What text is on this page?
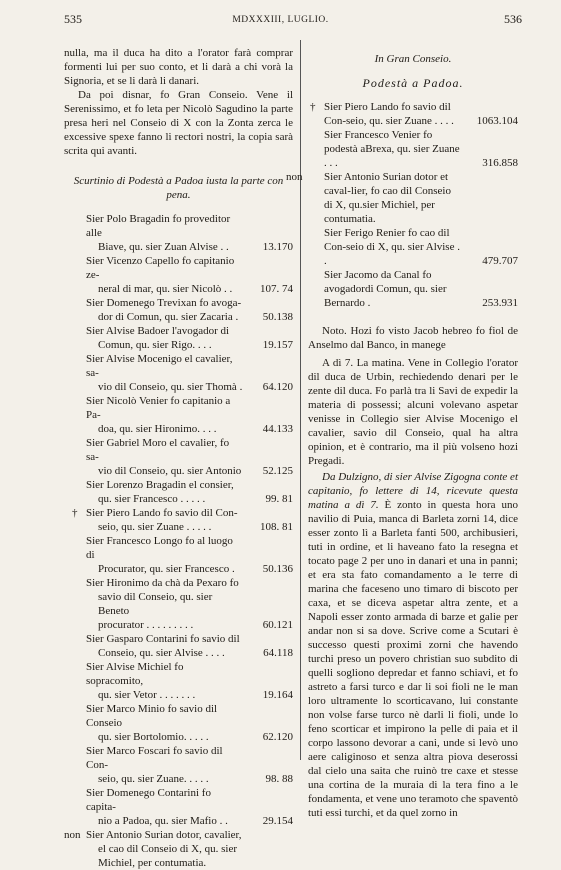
535	MDXXXIII, LUGLIO.	536

nulla, ma il duca ha dito a l'orator farà comprar formenti lui per suo conto, et li darà a chi vorà la Signoria, et se li darà li danari.

Da poi disnar, fo Gran Conseio. Vene il Serenissimo, et fo leta per Nicolò Sagudino la parte presa heri nel Conseio di X con la Zonta zerca le excessive spexe fanno li rectori nostri, la copia sarà scrita qui avanti.

Scurtinio di Podestà a Padoa iusta la parte con pena.

Sier Polo Bragadin fo proveditor alle
Biave, qu. sier Zuan Alvise . .	13.170
Sier Vicenzo Capello fo capitanio ze-
neral di mar, qu. sier Nicolò . .	107. 74
Sier Domenego Trevixan fo avoga-
dor di Comun, qu. sier Zacaria .	50.138
Sier Alvise Badoer l'avogador di
Comun, qu. sier Rigo. . . .	19.157
Sier Alvise Mocenigo el cavalier, sa-
vio dil Conseio, qu. sier Thomà .	64.120
Sier Nicolò Venier fo capitanio a Pa-
doa, qu. sier Hironimo. . . .	44.133
Sier Gabriel Moro el cavalier, fo sa-
vio dil Conseio, qu. sier Antonio	52.125
Sier Lorenzo Bragadin el consier,
qu. sier Francesco . . . . .	99. 81
† Sier Piero Lando fo savio dil Con-
seio, qu. sier Zuane . . . . .	108. 81
Sier Francesco Longo fo al luogo di
Procurator, qu. sier Francesco .	50.136
Sier Hironimo da chà da Pexaro fo
savio dil Conseio, qu. sier Beneto
procurator . . . . . . . . .	60.121
Sier Gasparo Contarini fo savio dil
Conseio, qu. sier Alvise . . . .	64.118
Sier Alvise Michiel fo sopracomito,
qu. sier Vetor . . . . . . .	19.164
Sier Marco Minio fo savio dil Conseio
qu. sier Bortolomio. . . . .	62.120
Sier Marco Foscari fo savio dil Con-
seio, qu. sier Zuane. . . . .	98. 88
Sier Domenego Contarini fo capita-
nio a Padoa, qu. sier Mafio . .	29.154
non Sier Antonio Surian dotor, cavalier,
el cao dil Conseio di X, qu. sier
Michiel, per contumatia.

In Gran Conseio.

Podestà a Padoa.

† Sier Piero Lando fo savio dil Con-seio, qu. sier Zuane . . . .	1063.104
Sier Francesco Venier fo podestà aBrexa, qu. sier Zuane . . .	316.858
non Sier Antonio Surian dotor et caval-lier, fo cao dil Conseio di X, qu.sier Michiel, per contumatia.
Sier Ferigo Renier fo cao dil Con-seio di X, qu. sier Alvise . .	479.707
Sier Jacomo da Canal fo avogadordi Comun, qu. sier Bernardo .	253.931

Noto. Hozi fo visto Jacob hebreo fo fiol de Anselmo dal Banco, in manege

A dì 7. La matina. Vene in Collegio l'orator dil duca de Urbin, rechiedendo denari per le zente dil duca. Fo parlà tra li Savi de expedir la materia di possessi; alcuni volevano aspetar venisse in Collegio sier Alvise Mocenigo el cavalier, savio dil Conseio, qual ha altra opinion, et è contrario, ma il più volseno hozi Pregadi.

Da Dulzigno, di sier Alvise Zigogna conte et capitanio, fo lettere di 14, ricevute questa matina a dì 7. È zonto in questa hora uno navilio di Puia, manca di Barleta zorni 14, dice esser zonto lì a Barleta fanti 500, archibusieri, tuti in ordine, et li haveano fato la resegna et tocato page 2 per uno in danari et una in panni; et era sta fato comandamento a le terre di marina che faceseno uno timaro di biscoto per caxa, et se diceva aspetar altra zente, et a Napoli esser zonto armada di barze et galie per andar non si sa dove. Scrive come a Scutari è successo questi proximi zorni che havendo turchi preso un povero christian suo subdito di quelli sogliono depredar et fanno schiavi, et fo astreto a farsi turco e dar li soi fioli ne le man loro ultramente lo scorticavano, lui constante non volse farse turco nè darli li fioli, unde lo feno scorticar et impirono la pelle di paia et il corpo lassono devorar a cani, unde si levò uno aere caliginoso et senza altra piova deserossi dal cielo una saita che ruinò tre caxe et stesse una cortina de la muraia di la tera fino a le fondamenta, et vene uno teramoto che spaventò tuti essi turchi, et da quel zorno in
